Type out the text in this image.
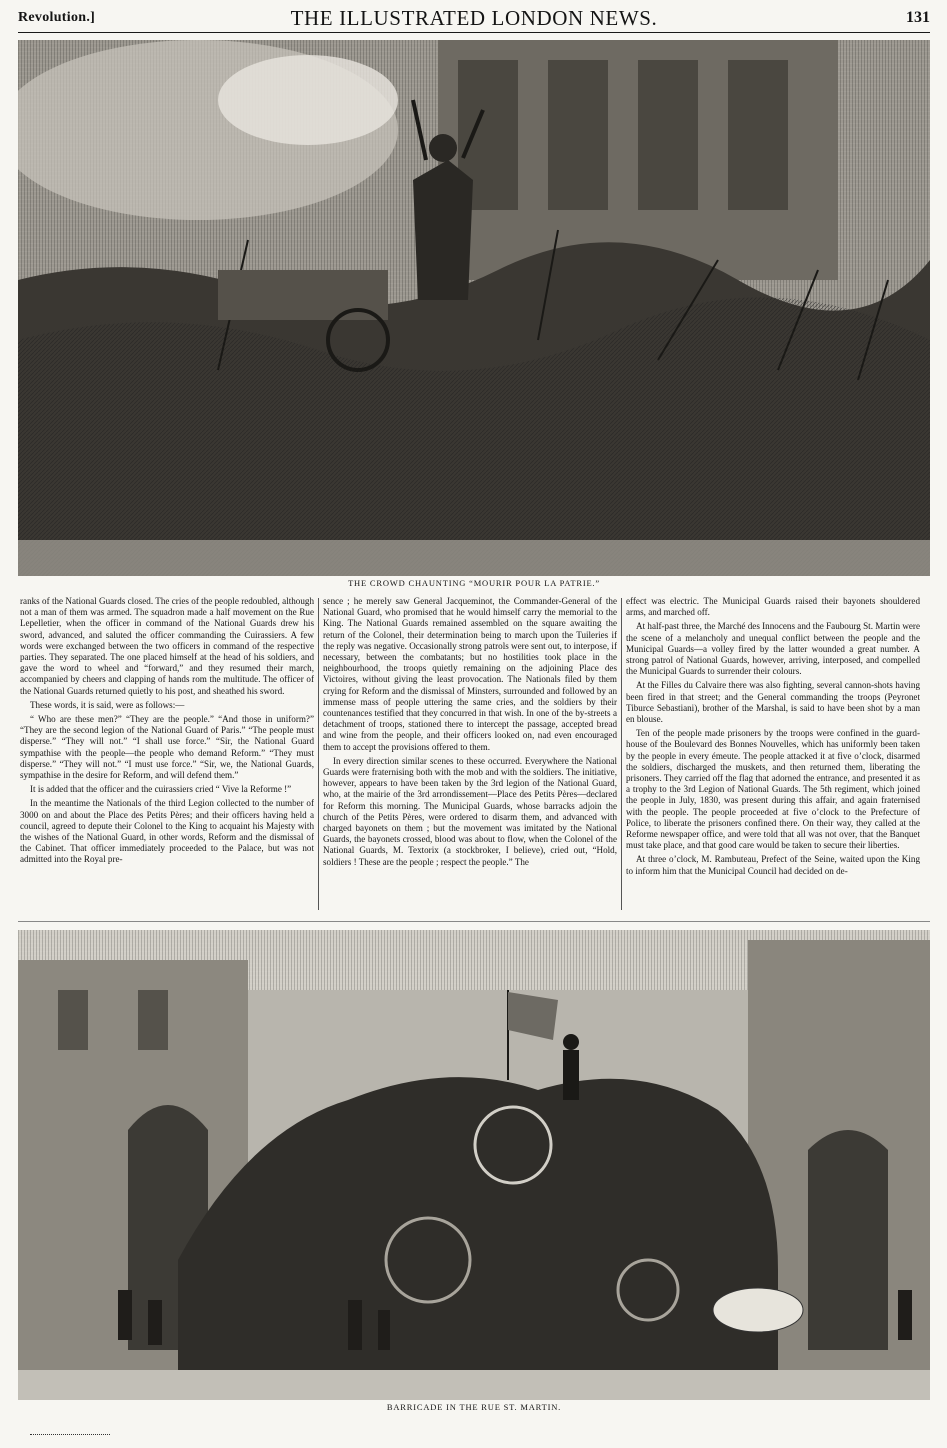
Revolution.]	THE ILLUSTRATED LONDON NEWS.	131
THE CROWD CHAUNTING “MOURIR POUR LA PATRIE.”

ranks of the National Guards closed. The cries of the people redoubled, although not a man of them was armed. The squadron made a half movement on the Rue Lepelletier, when the officer in command of the National Guards drew his sword, advanced, and saluted the officer commanding the Cuirassiers. A few words were exchanged between the two officers in command of the respective parties. They separated. The one placed himself at the head of his soldiers, and gave the word to wheel and “forward,” and they resumed their march, accompanied by cheers and clapping of hands rom the multitude. The officer of the National Guards returned quietly to his post, and sheathed his sword.

These words, it is said, were as follows:—

“ Who are these men?” “They are the people.” “And those in uniform?” “They are the second legion of the National Guard of Paris.” “The people must disperse.” “They will not.” “I shall use force.” “Sir, the National Guard sympathise with the people—the people who demand Reform.” “They must disperse.” “They will not.” “I must use force.” “Sir, we, the National Guards, sympathise in the desire for Reform, and will defend them.”

It is added that the officer and the cuirassiers cried “ Vive la Reforme !”

In the meantime the Nationals of the third Legion collected to the number of 3000 on and about the Place des Petits Pères; and their officers having held a council, agreed to depute their Colonel to the King to acquaint his Majesty with the wishes of the National Guard, in other words, Reform and the dismissal of the Cabinet. That officer immediately proceeded to the Palace, but was not admitted into the Royal pre-

sence ; he merely saw General Jacqueminot, the Commander-General of the National Guard, who promised that he would himself carry the memorial to the King. The National Guards remained assembled on the square awaiting the return of the Colonel, their determination being to march upon the Tuileries if the reply was negative. Occasionally strong patrols were sent out, to interpose, if necessary, between the combatants; but no hostilities took place in the neighbourhood, the troops quietly remaining on the adjoining Place des Victoires, without giving the least provocation. The Nationals filed by them crying for Reform and the dismissal of Minsters, surrounded and followed by an immense mass of people uttering the same cries, and the soldiers by their countenances testified that they concurred in that wish. In one of the by-streets a detachment of troops, stationed there to intercept the passage, accepted bread and wine from the people, and their officers looked on, nad even encouraged them to accept the provisions offered to them.

In every direction similar scenes to these occurred. Everywhere the National Guards were fraternising both with the mob and with the soldiers. The initiative, however, appears to have been taken by the 3rd legion of the National Guard, who, at the mairie of the 3rd arrondissement—Place des Petits Pères—declared for Reform this morning. The Municipal Guards, whose barracks adjoin the church of the Petits Pères, were ordered to disarm them, and advanced with charged bayonets on them ; but the movement was imitated by the National Guards, the bayonets crossed, blood was about to flow, when the Colonel of the National Guards, M. Textorix (a stockbroker, I believe), cried out, “Hold, soldiers ! These are the people ; respect the people.” The

effect was electric. The Municipal Guards raised their bayonets shouldered arms, and marched off.

At half-past three, the Marché des Innocens and the Faubourg St. Martin were the scene of a melancholy and unequal conflict between the people and the Municipal Guards—a volley fired by the latter wounded a great number. A strong patrol of National Guards, however, arriving, interposed, and compelled the Municipal Guards to surrender their colours.

At the Filles du Calvaire there was also fighting, several cannon-shots having been fired in that street; and the General commanding the troops (Peyronet Tiburce Sebastiani), brother of the Marshal, is said to have been shot by a man en blouse.

Ten of the people made prisoners by the troops were confined in the guard-house of the Boulevard des Bonnes Nouvelles, which has uniformly been taken by the people in every émeute. The people attacked it at five o’clock, disarmed the soldiers, discharged the muskets, and then returned them, liberating the prisoners. They carried off the flag that adorned the entrance, and presented it as a trophy to the 3rd Legion of National Guards. The 5th regiment, which joined the people in July, 1830, was present during this affair, and again fraternised with the people. The people proceeded at five o’clock to the Prefecture of Police, to liberate the prisoners confined there. On their way, they called at the Reforme newspaper office, and were told that all was not over, that the Banquet must take place, and that good care would be taken to secure their liberties.

At three o’clock, M. Rambuteau, Prefect of the Seine, waited upon the King to inform him that the Municipal Council had decided on de-

BARRICADE IN THE RUE ST. MARTIN.
